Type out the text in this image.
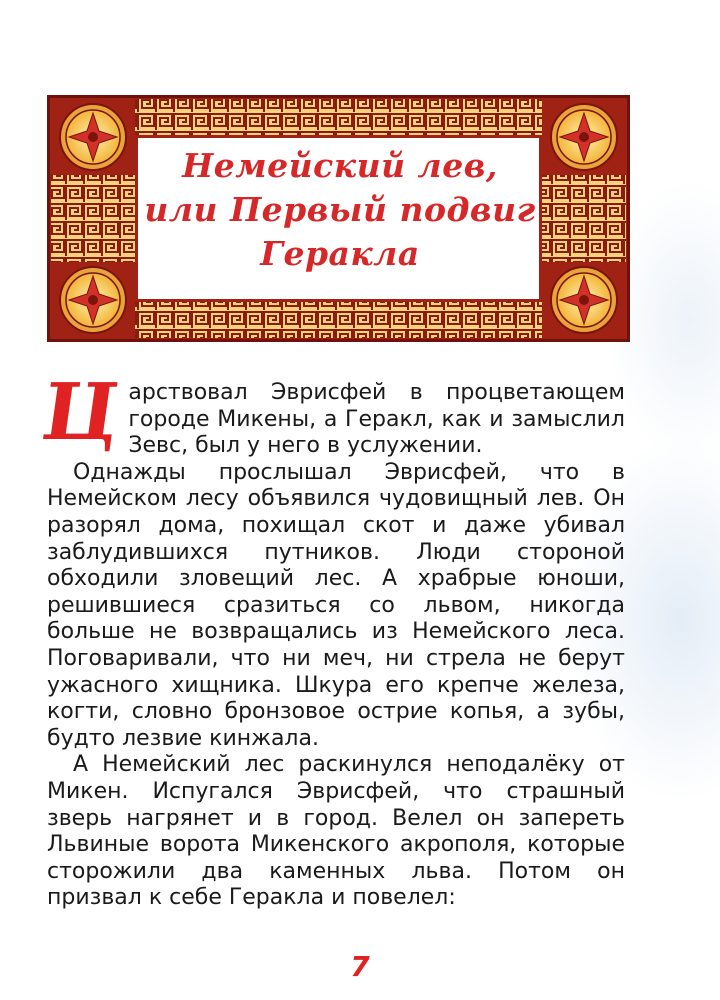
Немейский лев,
или Первый подвиг
Геракла

Царствовал Эврисфей в процветающем городе Микены, а Геракл, как и замыслил Зевс, был у него в услужении.

Однажды прослышал Эврисфей, что в Немейском лесу объявился чудовищный лев. Он разорял дома, похищал скот и даже убивал заблудившихся путников. Люди стороной обходили зловещий лес. А храбрые юноши, решившиеся сразиться со львом, никогда больше не возвращались из Немейского леса. Поговаривали, что ни меч, ни стрела не берут ужасного хищника. Шкура его крепче железа, когти, словно бронзовое острие копья, а зубы, будто лезвие кинжала.

А Немейский лес раскинулся неподалёку от Микен. Испугался Эврисфей, что страшный зверь нагрянет и в город. Велел он запереть Львиные ворота Микенского акрополя, которые сторожили два каменных льва. Потом он призвал к себе Геракла и повелел:

7
